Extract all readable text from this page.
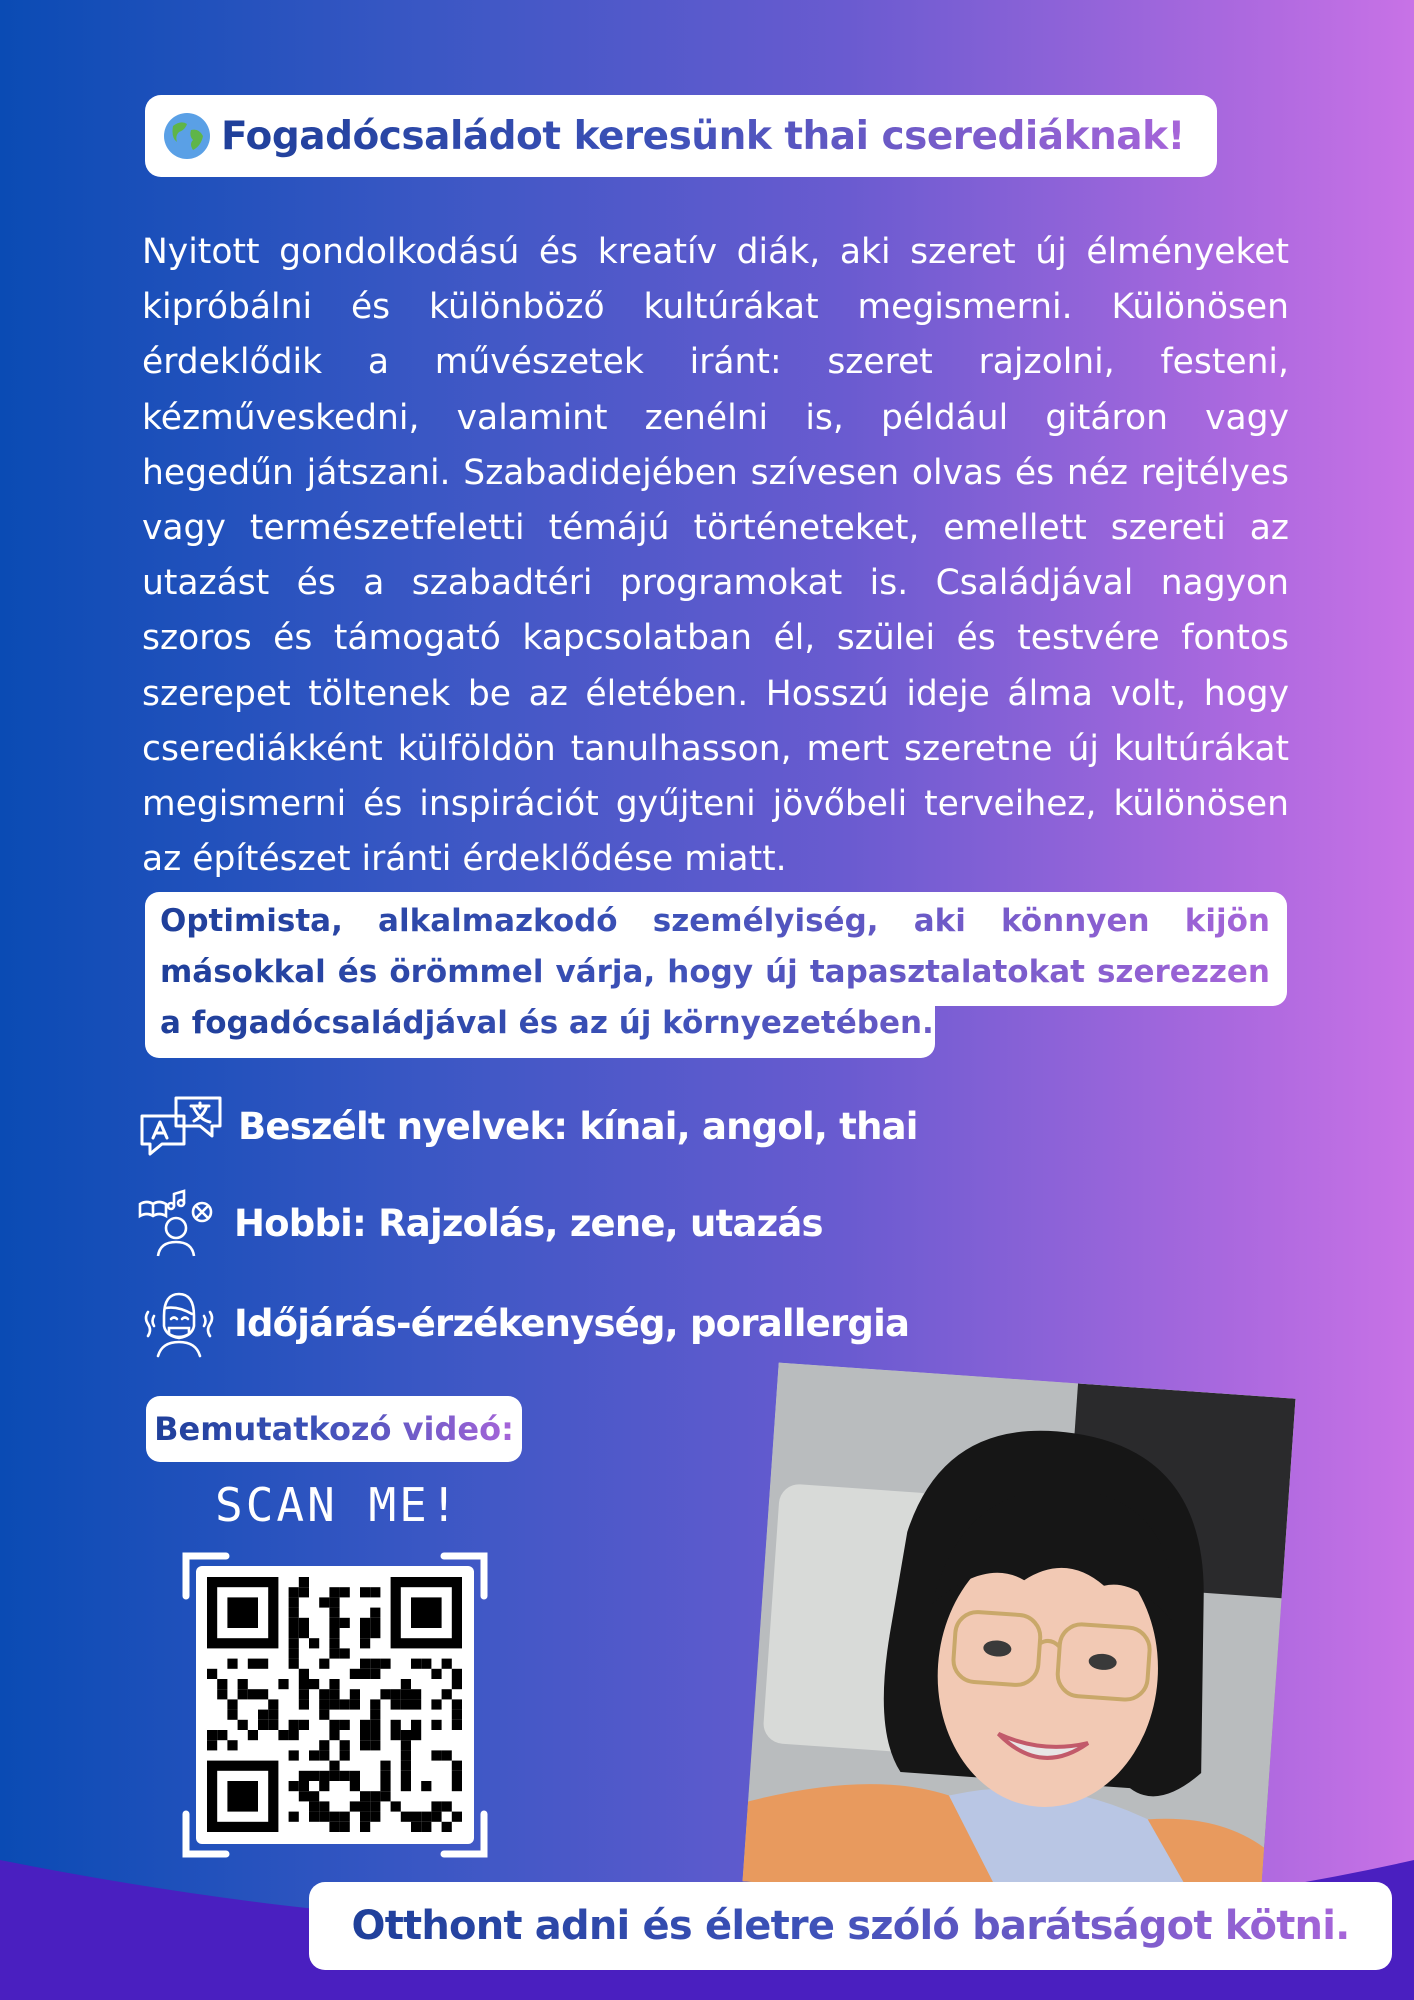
Fogadócsaládot keresünk thai cserediáknak!

Nyitott gondolkodású és kreatív diák, aki szeret új élményeket kipróbálni és különböző kultúrákat megismerni. Különösen érdeklődik a művészetek iránt: szeret rajzolni, festeni, kézműveskedni, valamint zenélni is, például gitáron vagy hegedűn játszani. Szabadidejében szívesen olvas és néz rejtélyes vagy természetfeletti témájú történeteket, emellett szereti az utazást és a szabadtéri programokat is. Családjával nagyon szoros és támogató kapcsolatban él, szülei és testvére fontos szerepet töltenek be az életében. Hosszú ideje álma volt, hogy cserediákként külföldön tanulhasson, mert szeretne új kultúrákat megismerni és inspirációt gyűjteni jövőbeli terveihez, különösen az építészet iránti érdeklődése miatt.

Optimista, alkalmazkodó személyiség, aki könnyen kijön másokkal és örömmel várja, hogy új tapasztalatokat szerezzen a fogadócsaládjával és az új környezetében.

Beszélt nyelvek: kínai, angol, thai
Hobbi: Rajzolás, zene, utazás
Időjárás-érzékenység, porallergia
Bemutatkozó videó:
SCAN ME!
Otthont adni és életre szóló barátságot kötni.
